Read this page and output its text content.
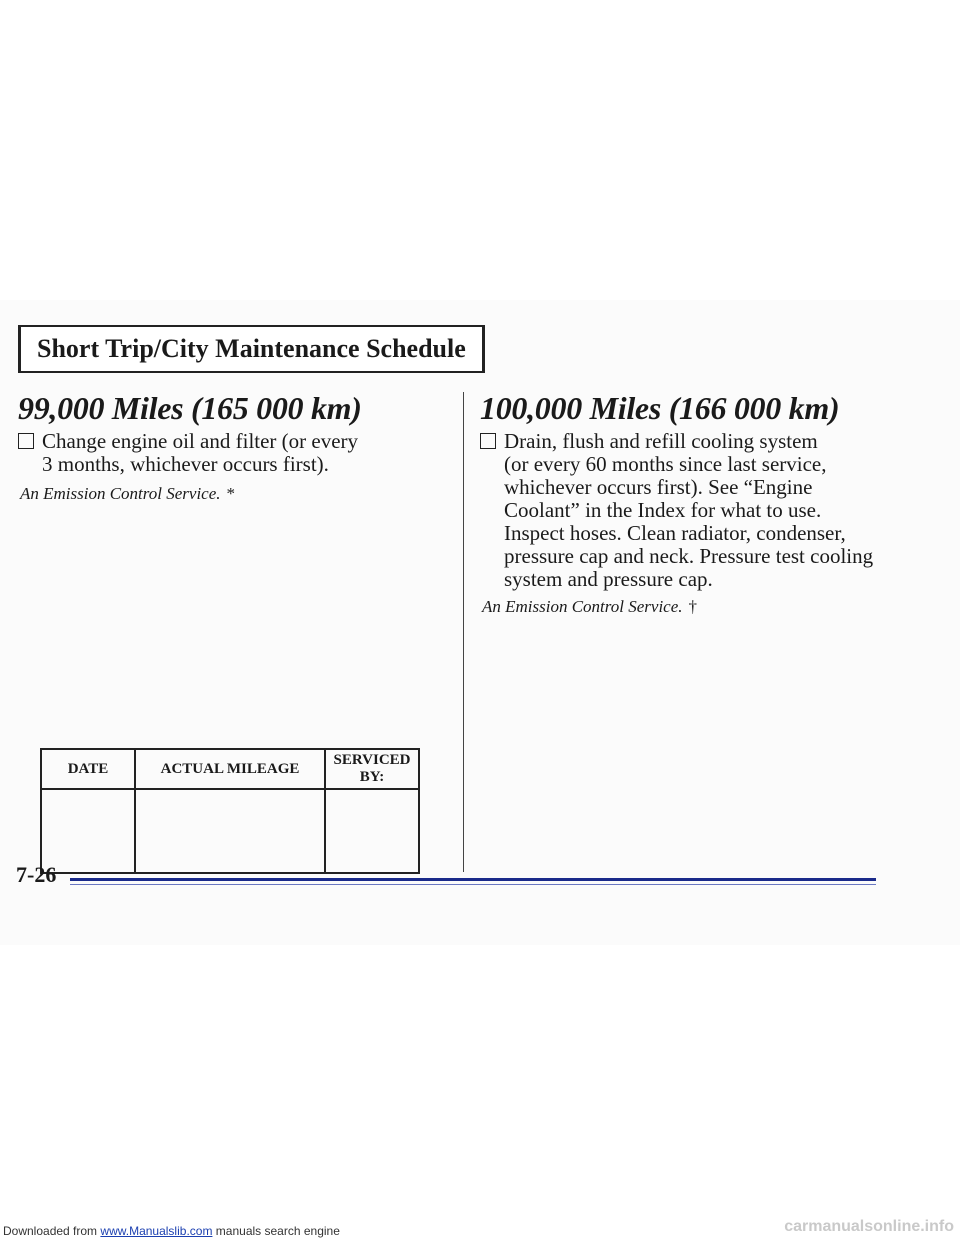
Short Trip/City Maintenance Schedule
99,000 Miles (165 000 km)
Change engine oil and filter (or every
3 months, whichever occurs first).
An Emission Control Service. *
DATE	ACTUAL MILEAGE	SERVICED BY:

100,000 Miles (166 000 km)
Drain, flush and refill cooling system
(or every 60 months since last service,
whichever occurs first). See “Engine
Coolant” in the Index for what to use.
Inspect hoses. Clean radiator, condenser,
pressure cap and neck. Pressure test cooling
system and pressure cap.
An Emission Control Service. †
7-26
Downloaded from www.Manualslib.com manuals search engine	carmanualsonline.info
